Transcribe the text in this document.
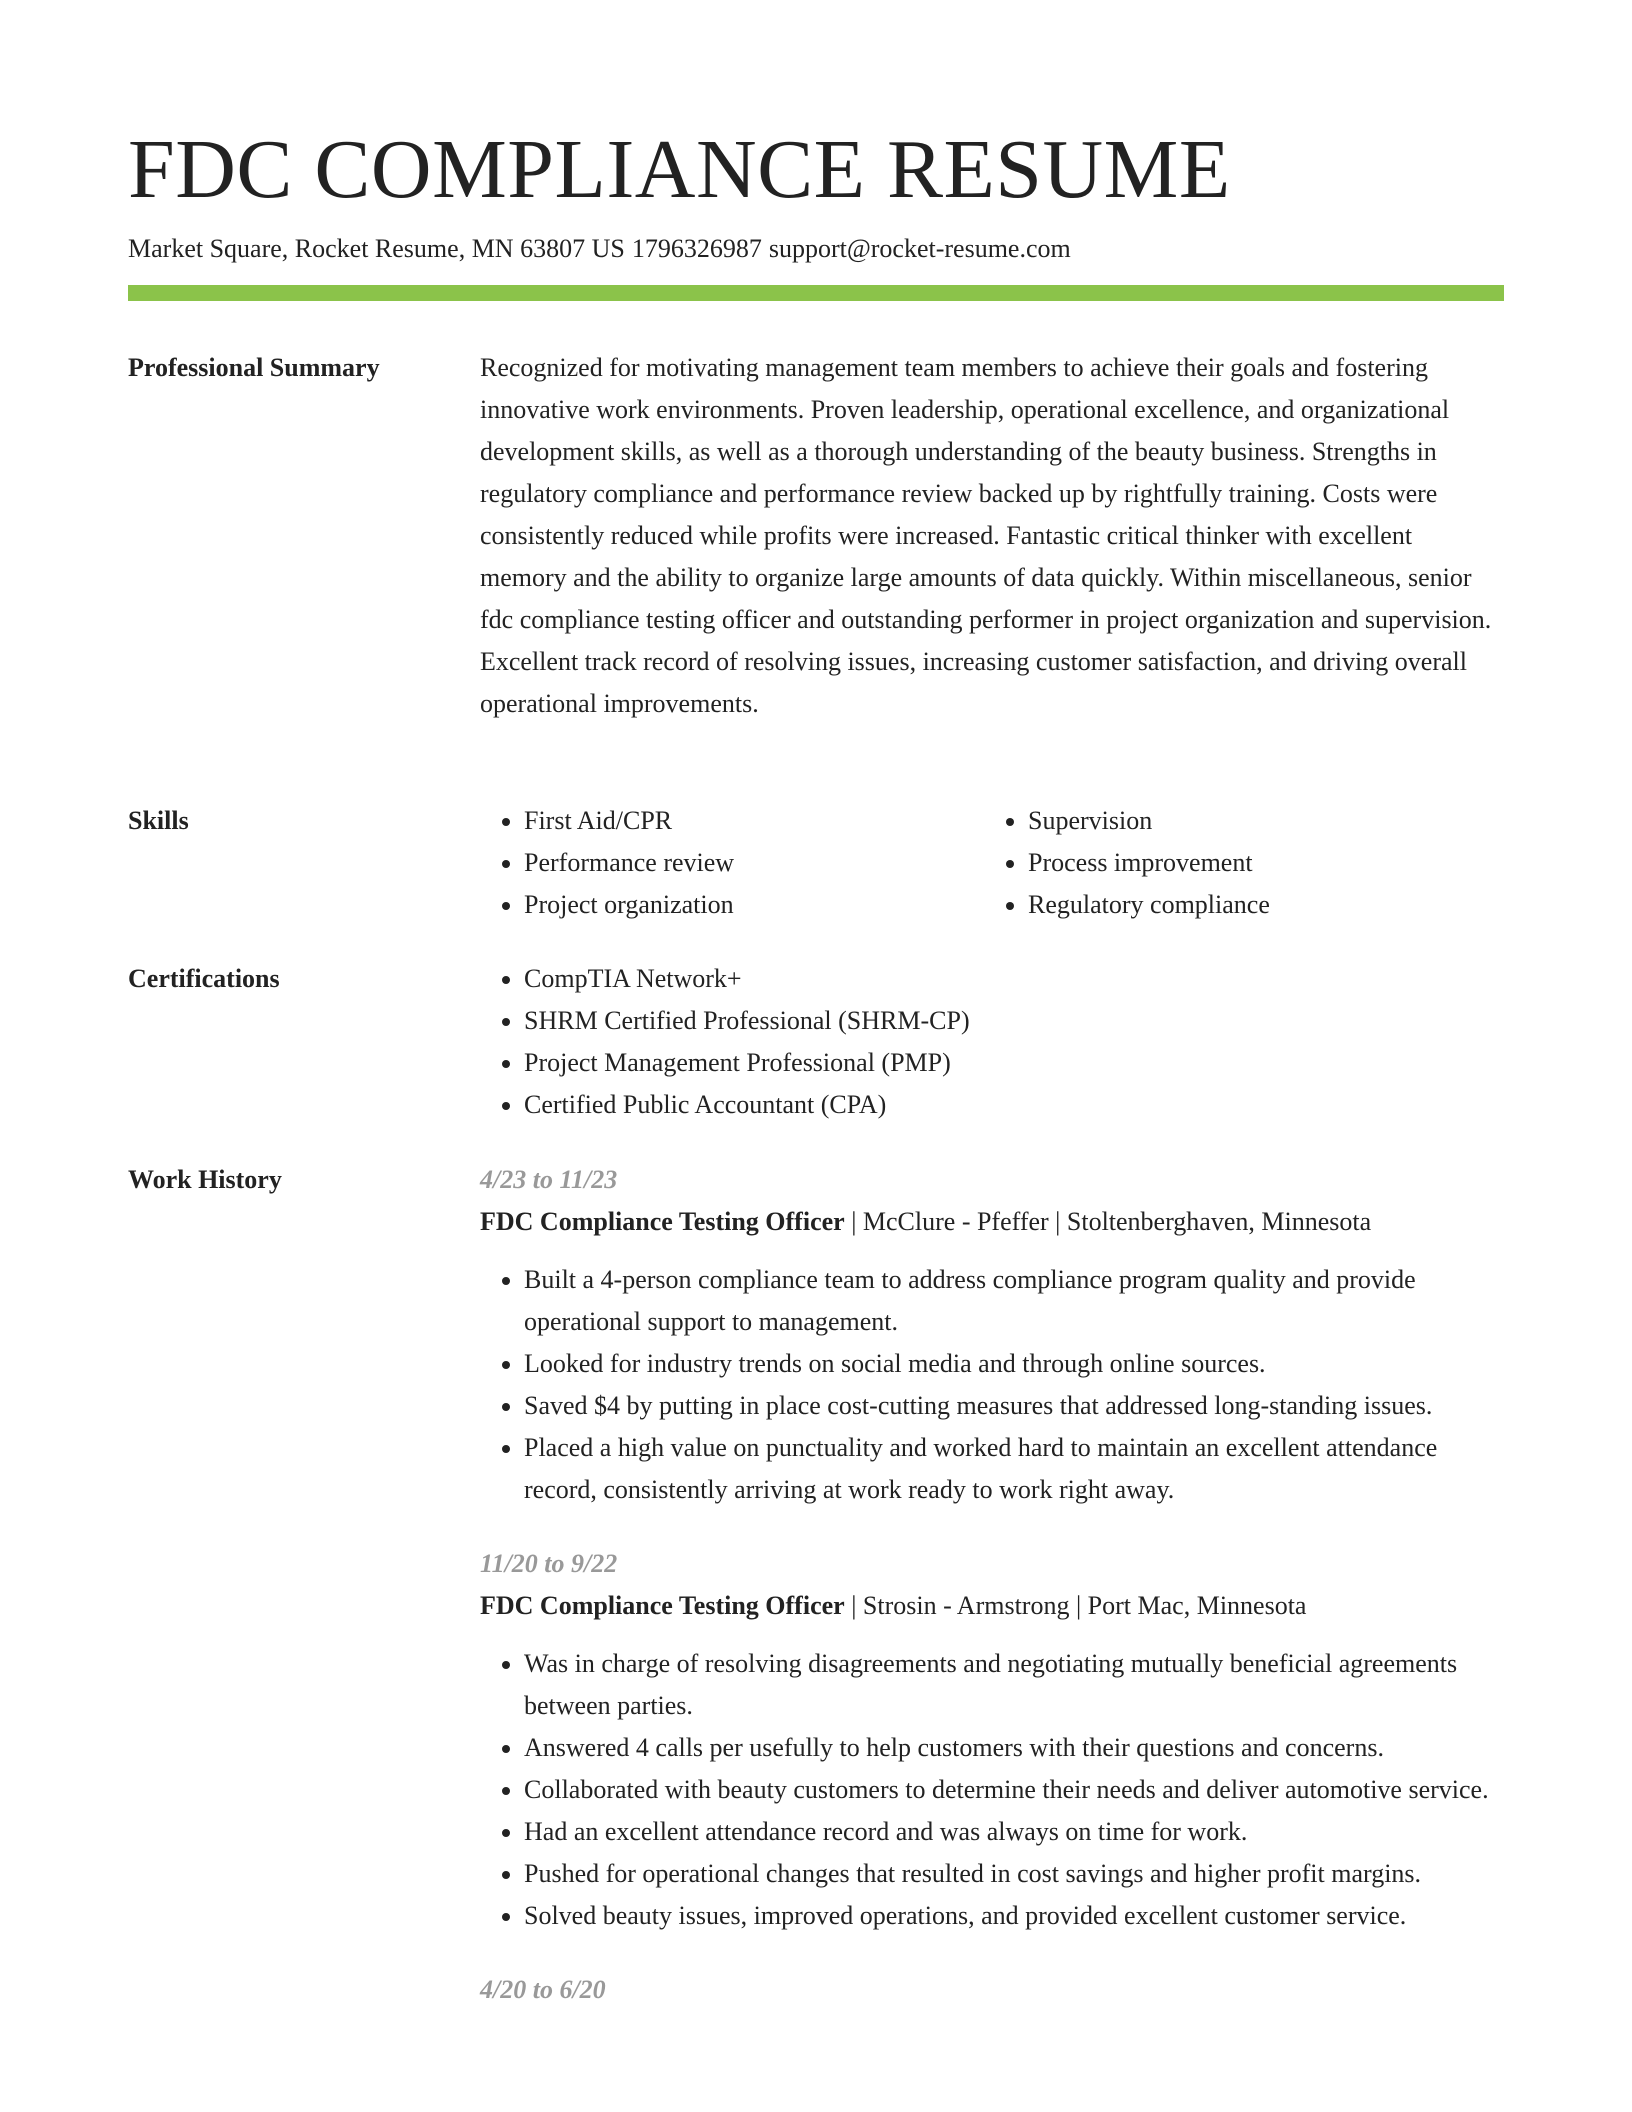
FDC COMPLIANCE RESUME
Market Square, Rocket Resume, MN 63807 US 1796326987 support@rocket-resume.com
Professional Summary	Recognized for motivating management team members to achieve their goals and fostering innovative work environments. Proven leadership, operational excellence, and organizational development skills, as well as a thorough understanding of the beauty business. Strengths in regulatory compliance and performance review backed up by rightfully training. Costs were consistently reduced while profits were increased. Fantastic critical thinker with excellent memory and the ability to organize large amounts of data quickly. Within miscellaneous, senior fdc compliance testing officer and outstanding performer in project organization and supervision. Excellent track record of resolving issues, increasing customer satisfaction, and driving overall operational improvements.

Skills	• First Aid/CPR
• Performance review
• Project organization
• Supervision
• Process improvement
• Regulatory compliance
Certifications	• CompTIA Network+
• SHRM Certified Professional (SHRM-CP)
• Project Management Professional (PMP)
• Certified Public Accountant (CPA)
Work History	4/23 to 11/23
FDC Compliance Testing Officer | McClure - Pfeffer | Stoltenberghaven, Minnesota
• Built a 4-person compliance team to address compliance program quality and provide operational support to management.
• Looked for industry trends on social media and through online sources.
• Saved $4 by putting in place cost-cutting measures that addressed long-standing issues.
• Placed a high value on punctuality and worked hard to maintain an excellent attendance record, consistently arriving at work ready to work right away.
11/20 to 9/22
FDC Compliance Testing Officer | Strosin - Armstrong | Port Mac, Minnesota
• Was in charge of resolving disagreements and negotiating mutually beneficial agreements between parties.
• Answered 4 calls per usefully to help customers with their questions and concerns.
• Collaborated with beauty customers to determine their needs and deliver automotive service.
• Had an excellent attendance record and was always on time for work.
• Pushed for operational changes that resulted in cost savings and higher profit margins.
• Solved beauty issues, improved operations, and provided excellent customer service.
4/20 to 6/20
